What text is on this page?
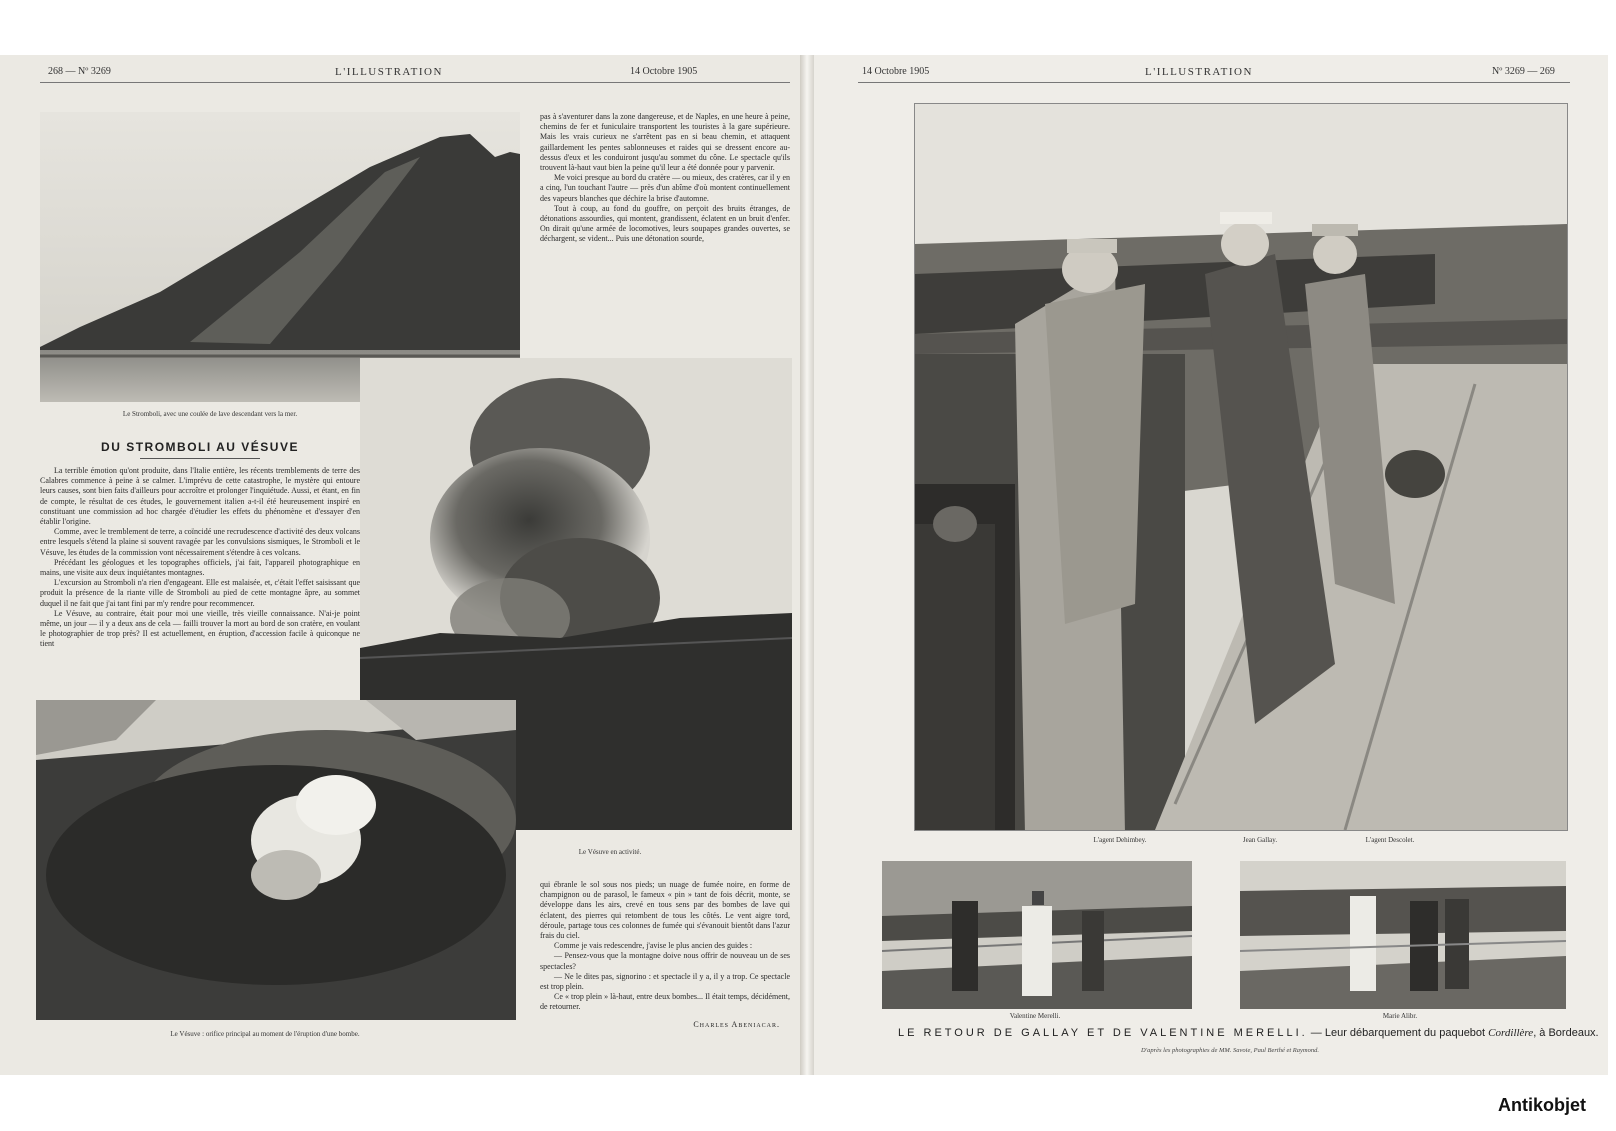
268 — Nº 3269	L'ILLUSTRATION	14 Octobre 1905	14 Octobre 1905	L'ILLUSTRATION	Nº 3269 — 269
Le Stromboli, avec une coulée de lave descendant vers la mer.
DU STROMBOLI AU VÉSUVE

La terrible émotion qu'ont produite, dans l'Italie entière, les récents tremblements de terre des Calabres commence à peine à se calmer. L'imprévu de cette catastrophe, le mystère qui entoure leurs causes, sont bien faits d'ailleurs pour accroître et prolonger l'inquiétude. Aussi, et étant, en fin de compte, le résultat de ces études, le gouvernement italien a-t-il été heureusement inspiré en constituant une commission ad hoc chargée d'étudier les effets du phénomène et d'essayer d'en établir l'origine.

Comme, avec le tremblement de terre, a coïncidé une recrudescence d'activité des deux volcans entre lesquels s'étend la plaine si souvent ravagée par les convulsions sismiques, le Stromboli et le Vésuve, les études de la commission vont nécessairement s'étendre à ces volcans.

Précédant les géologues et les topographes officiels, j'ai fait, l'appareil photographique en mains, une visite aux deux inquiétantes montagnes.

L'excursion au Stromboli n'a rien d'engageant. Elle est malaisée, et, c'était l'effet saisissant que produit la présence de la riante ville de Stromboli au pied de cette montagne âpre, au sommet duquel il ne fait que j'ai tant fini par m'y rendre pour recommencer.

Le Vésuve, au contraire, était pour moi une vieille, très vieille connaissance. N'ai-je point même, un jour — il y a deux ans de cela — failli trouver la mort au bord de son cratère, en voulant le photographier de trop près? Il est actuellement, en éruption, d'accession facile à quiconque ne tient

pas à s'aventurer dans la zone dangereuse, et de Naples, en une heure à peine, chemins de fer et funiculaire transportent les touristes à la gare supérieure. Mais les vrais curieux ne s'arrêtent pas en si beau chemin, et attaquent gaillardement les pentes sablonneuses et raides qui se dressent encore au-dessus d'eux et les conduiront jusqu'au sommet du cône. Le spectacle qu'ils trouvent là-haut vaut bien la peine qu'il leur a été donnée pour y parvenir.

Me voici presque au bord du cratère — ou mieux, des cratères, car il y en a cinq, l'un touchant l'autre — près d'un abîme d'où montent continuellement des vapeurs blanches que déchire la brise d'automne.

Tout à coup, au fond du gouffre, on perçoit des bruits étranges, de détonations assourdies, qui montent, grandissent, éclatent en un bruit d'enfer. On dirait qu'une armée de locomotives, leurs soupapes grandes ouvertes, se déchargent, se vident... Puis une détonation sourde,

Le Vésuve en activité.
Le Vésuve : orifice principal au moment de l'éruption d'une bombe.

qui ébranle le sol sous nos pieds; un nuage de fumée noire, en forme de champignon ou de parasol, le fameux « pin » tant de fois décrit, monte, se développe dans les airs, crevé en tous sens par des bombes de lave qui éclatent, des pierres qui retombent de tous les côtés. Le vent aigre tord, déroule, partage tous ces colonnes de fumée qui s'évanouit bientôt dans l'azur frais du ciel.

Comme je vais redescendre, j'avise le plus ancien des guides :

— Pensez-vous que la montagne doive nous offrir de nouveau un de ses spectacles?

— Ne le dites pas, signorino : et spectacle il y a, il y a trop. Ce spectacle est trop plein.

Ce « trop plein » là-haut, entre deux bombes... Il était temps, décidément, de retourner.

Charles Abeniacar.
L'agent Dehimbey.	Jean Gallay.	L'agent Descolet.
Valentine Merelli.	Marie Alibr.
LE RETOUR DE GALLAY ET DE VALENTINE MERELLI. — Leur débarquement du paquebot Cordillère, à Bordeaux.
D'après les photographies de MM. Savoie, Paul Berthé et Raymond.
Antikobjet
